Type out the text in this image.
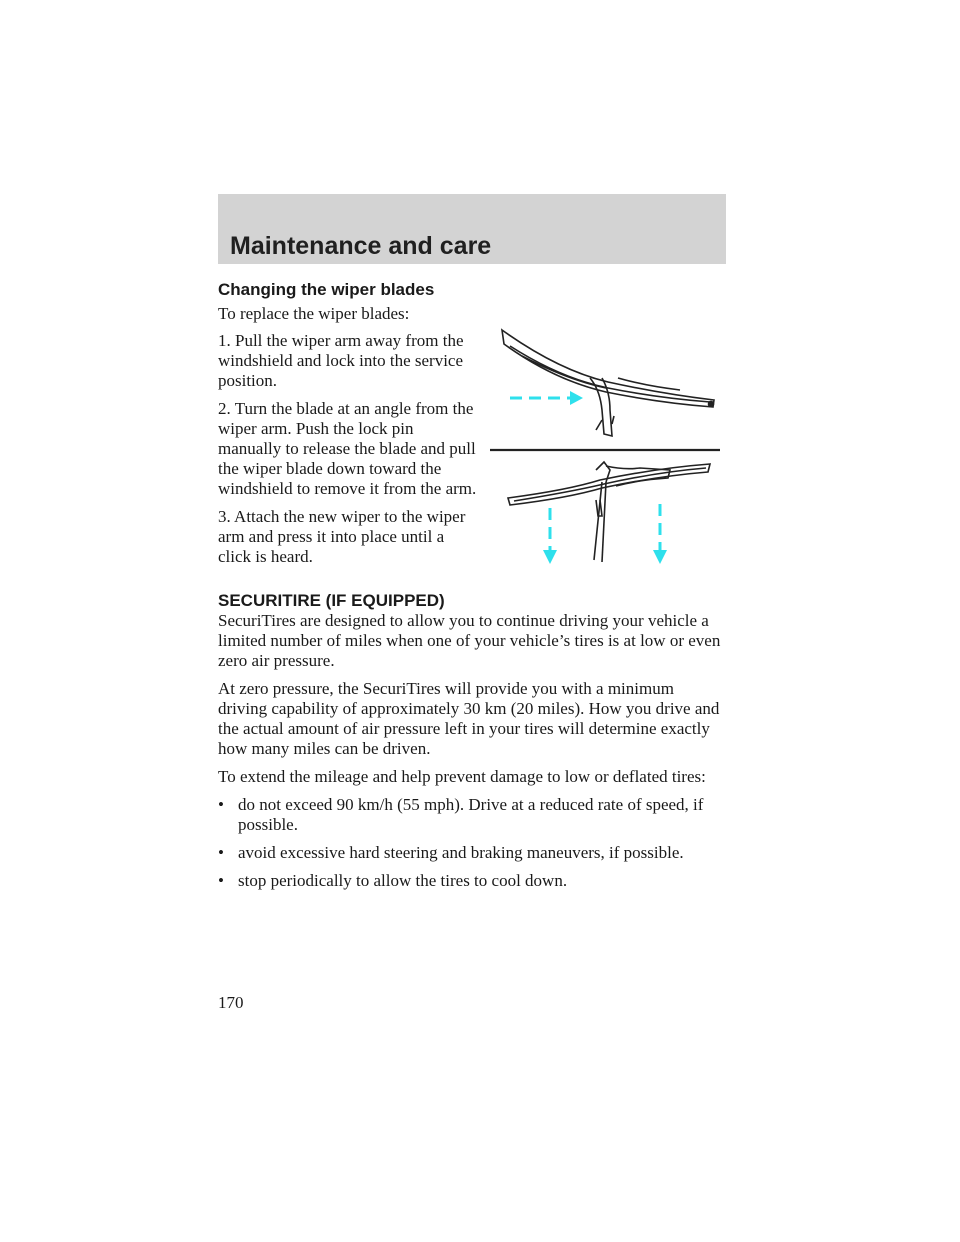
Maintenance and care
Changing the wiper blades

To replace the wiper blades:

1. Pull the wiper arm away from the windshield and lock into the service position.

2. Turn the blade at an angle from the wiper arm. Push the lock pin manually to release the blade and pull the wiper blade down toward the windshield to remove it from the arm.

3. Attach the new wiper to the wiper arm and press it into place until a click is heard.

SECURITIRE (IF EQUIPPED)

SecuriTires are designed to allow you to continue driving your vehicle a limited number of miles when one of your vehicle’s tires is at low or even zero air pressure.

At zero pressure, the SecuriTires will provide you with a minimum driving capability of approximately 30 km (20 miles). How you drive and the actual amount of air pressure left in your tires will determine exactly how many miles can be driven.

To extend the mileage and help prevent damage to low or deflated tires:

• do not exceed 90 km/h (55 mph). Drive at a reduced rate of speed, if possible.
• avoid excessive hard steering and braking maneuvers, if possible.
• stop periodically to allow the tires to cool down.
170
